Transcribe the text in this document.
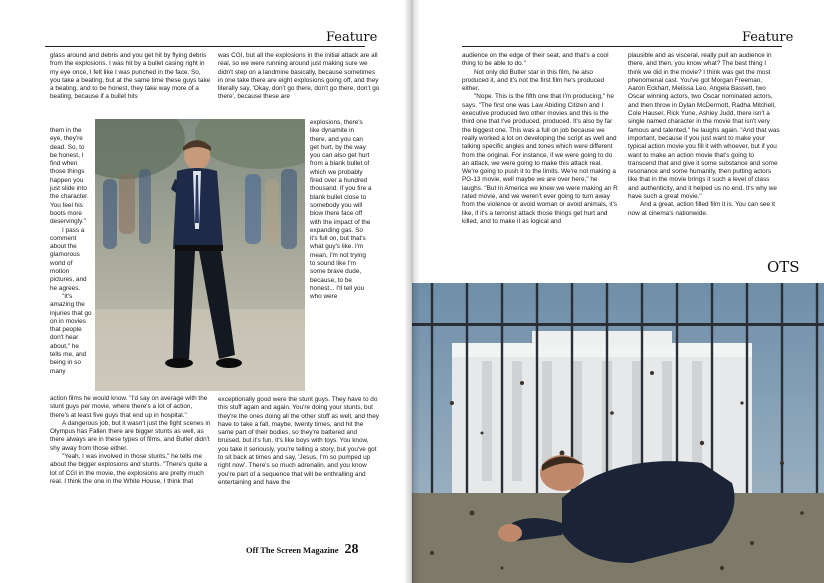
Feature

glass around and debris and you get hit by flying debris from the explosions. I was hit by a bullet casing right in my eye once, I felt like I was punched in the face. So, you take a beating, but at the same time these guys take a beating, and to be honest, they take way more of a beating, because if a bullet hits

them in the eye, they're dead. So, to be honest, I find when those things happen you just slide into the character. You feel his boots more deservingly."

I pass a comment about the glamorous world of motion pictures, and he agrees.

"It's amazing the injuries that go on in movies that people don't hear about," he tells me, and being in so many

action films he would know. "I'd say on average with the stunt guys per movie, where there's a lot of action, there's at least five guys that end up in hospital."

A dangerous job, but it wasn't just the fight scenes in Olympus has Fallen there are bigger stunts as well, as there always are in these types of films, and Butler didn't shy away from those either.

"Yeah, I was involved in those stunts," he tells me about the bigger explosions and stunts. "There's quite a lot of CGI in the movie, the explosions are pretty much real. I think the one in the White House, I think that

was CGI, but all the explosions in the initial attack are all real, so we were running around just making sure we didn't step on a landmine basically, because sometimes in one take there are eight explosions going off, and they literally say, 'Okay, don't go there, don't go there, don't go there', because these are

explosions, there's like dynamite in there, and you can get hurt, by the way you can also get hurt from a blank bullet of which we probably fired over a hundred thousand. If you fire a blank bullet close to somebody you will blow there face off with the impact of the expanding gas. So it's full on, but that's what guy's like. I'm mean, I'm not trying to sound like I'm some brave dude, because, to be honest... I'll tell you who were

exceptionally good were the stunt guys. They have to do this stuff again and again. You're doing your stunts, but they're the ones doing all the other stuff as well, and they have to take a fall, maybe, twenty times, and hit the same part of their bodies, so they're battered and bruised, but it's fun. It's like boys with toys. You know, you take it seriously, you're telling a story, but you've got to sit back at times and say, 'Jesus, I'm so pumped up right now'. There's so much adrenalin, and you know you're part of a sequence that will be enthralling and entertaining and have the

Off The Screen Magazine 28
Feature

audience on the edge of their seat, and that's a cool thing to be able to do."

Not only did Butler star in this film, he also produced it, and it's not the first film he's produced either.

"Nope. This is the fifth one that I'm producing," he says. "The first one was Law Abiding Citizen and I executive produced two other movies and this is the third one that I've produced, produced. It's also by far the biggest one. This was a full on job because we really worked a lot on developing the script as well and talking specific angles and tones which were different from the original. For instance, if we were going to do an attack, we were going to make this attack real. We're going to push it to the limits. We're not making a PG-13 movie, well maybe we are over here," he laughs. "But in America we knew we were making an R rated movie, and we weren't ever going to turn away from the violence or avoid woman or avoid animals, it's like, if it's a terrorist attack those things get hurt and killed, and to make it as logical and

plausible and as visceral, really pull an audience in there, and then, you know what? The best thing I think we did in the movie? I think was get the most phenomenal cast. You've got Morgan Freeman, Aaron Eckhart, Melissa Leo, Angela Bassett, two Oscar winning actors, two Oscar nominated actors, and then throw in Dylan McDermott, Radha Mitchell, Cole Hauser, Rick Yune, Ashley Judd, there isn't a single named character in the movie that isn't very famous and talented," he laughs again. "And that was important, because if you just want to make your typical action movie you fill it with whoever, but if you want to make an action movie that's going to transcend that and give it some substance and some resonance and some humanity, then putting actors like that in the movie brings it such a level of class and authenticity, and it helped us no end. It's why we have such a great movie."

And a great, action filled film it is. You can see it now at cinema's nationwide.

OTS
